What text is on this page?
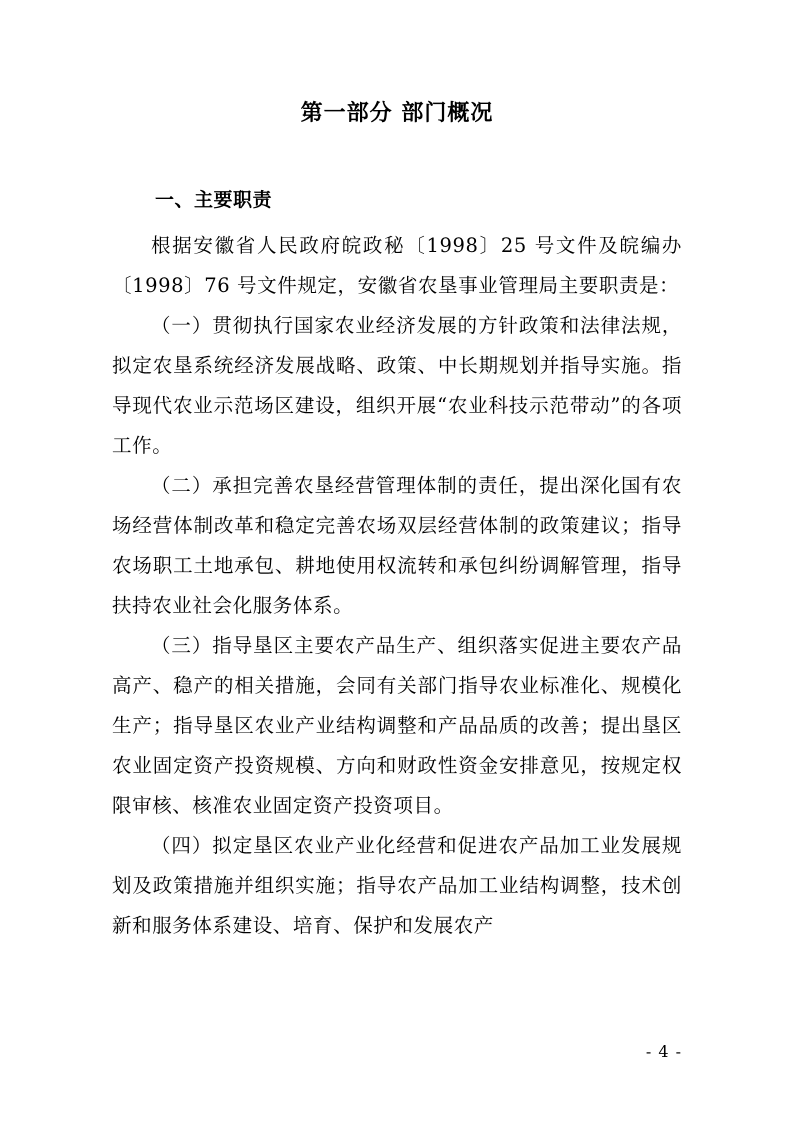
第一部分 部门概况
一、主要职责

根据安徽省人民政府皖政秘〔1998〕25 号文件及皖编办〔1998〕76 号文件规定，安徽省农垦事业管理局主要职责是：

（一）贯彻执行国家农业经济发展的方针政策和法律法规，拟定农垦系统经济发展战略、政策、中长期规划并指导实施。指导现代农业示范场区建设，组织开展“农业科技示范带动”的各项工作。

（二）承担完善农垦经营管理体制的责任，提出深化国有农场经营体制改革和稳定完善农场双层经营体制的政策建议；指导农场职工土地承包、耕地使用权流转和承包纠纷调解管理，指导扶持农业社会化服务体系。

（三）指导垦区主要农产品生产、组织落实促进主要农产品高产、稳产的相关措施，会同有关部门指导农业标准化、规模化生产；指导垦区农业产业结构调整和产品品质的改善；提出垦区农业固定资产投资规模、方向和财政性资金安排意见，按规定权限审核、核准农业固定资产投资项目。

（四）拟定垦区农业产业化经营和促进农产品加工业发展规划及政策措施并组织实施；指导农产品加工业结构调整，技术创新和服务体系建设、培育、保护和发展农产

- 4 -
